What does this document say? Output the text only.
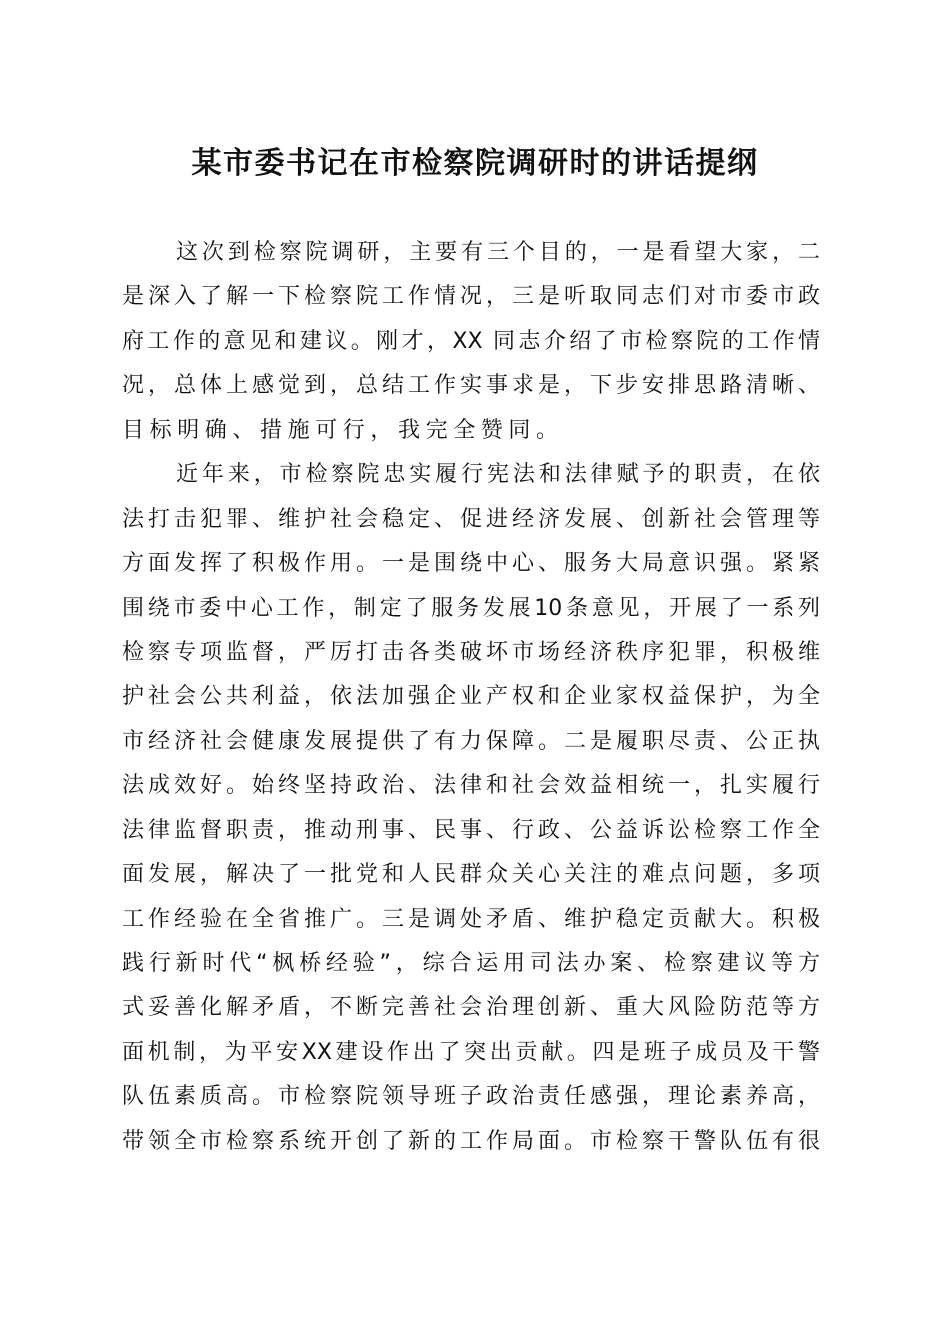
某市委书记在市检察院调研时的讲话提纲
这次到检察院调研，主要有三个目的，一是看望大家，二
是深入了解一下检察院工作情况，三是听取同志们对市委市政
府工作的意见和建议。刚才，XX 同志介绍了市检察院的工作情
况，总体上感觉到，总结工作实事求是，下步安排思路清晰、
目标明确、措施可行，我完全赞同。
近年来，市检察院忠实履行宪法和法律赋予的职责，在依
法打击犯罪、维护社会稳定、促进经济发展、创新社会管理等
方面发挥了积极作用。一是围绕中心、服务大局意识强。紧紧
围绕市委中心工作，制定了服务发展10条意见，开展了一系列
检察专项监督，严厉打击各类破坏市场经济秩序犯罪，积极维
护社会公共利益，依法加强企业产权和企业家权益保护，为全
市经济社会健康发展提供了有力保障。二是履职尽责、公正执
法成效好。始终坚持政治、法律和社会效益相统一，扎实履行
法律监督职责，推动刑事、民事、行政、公益诉讼检察工作全
面发展，解决了一批党和人民群众关心关注的难点问题，多项
工作经验在全省推广。三是调处矛盾、维护稳定贡献大。积极
践行新时代“枫桥经验”，综合运用司法办案、检察建议等方
式妥善化解矛盾，不断完善社会治理创新、重大风险防范等方
面机制，为平安XX建设作出了突出贡献。四是班子成员及干警
队伍素质高。市检察院领导班子政治责任感强，理论素养高，
带领全市检察系统开创了新的工作局面。市检察干警队伍有很
